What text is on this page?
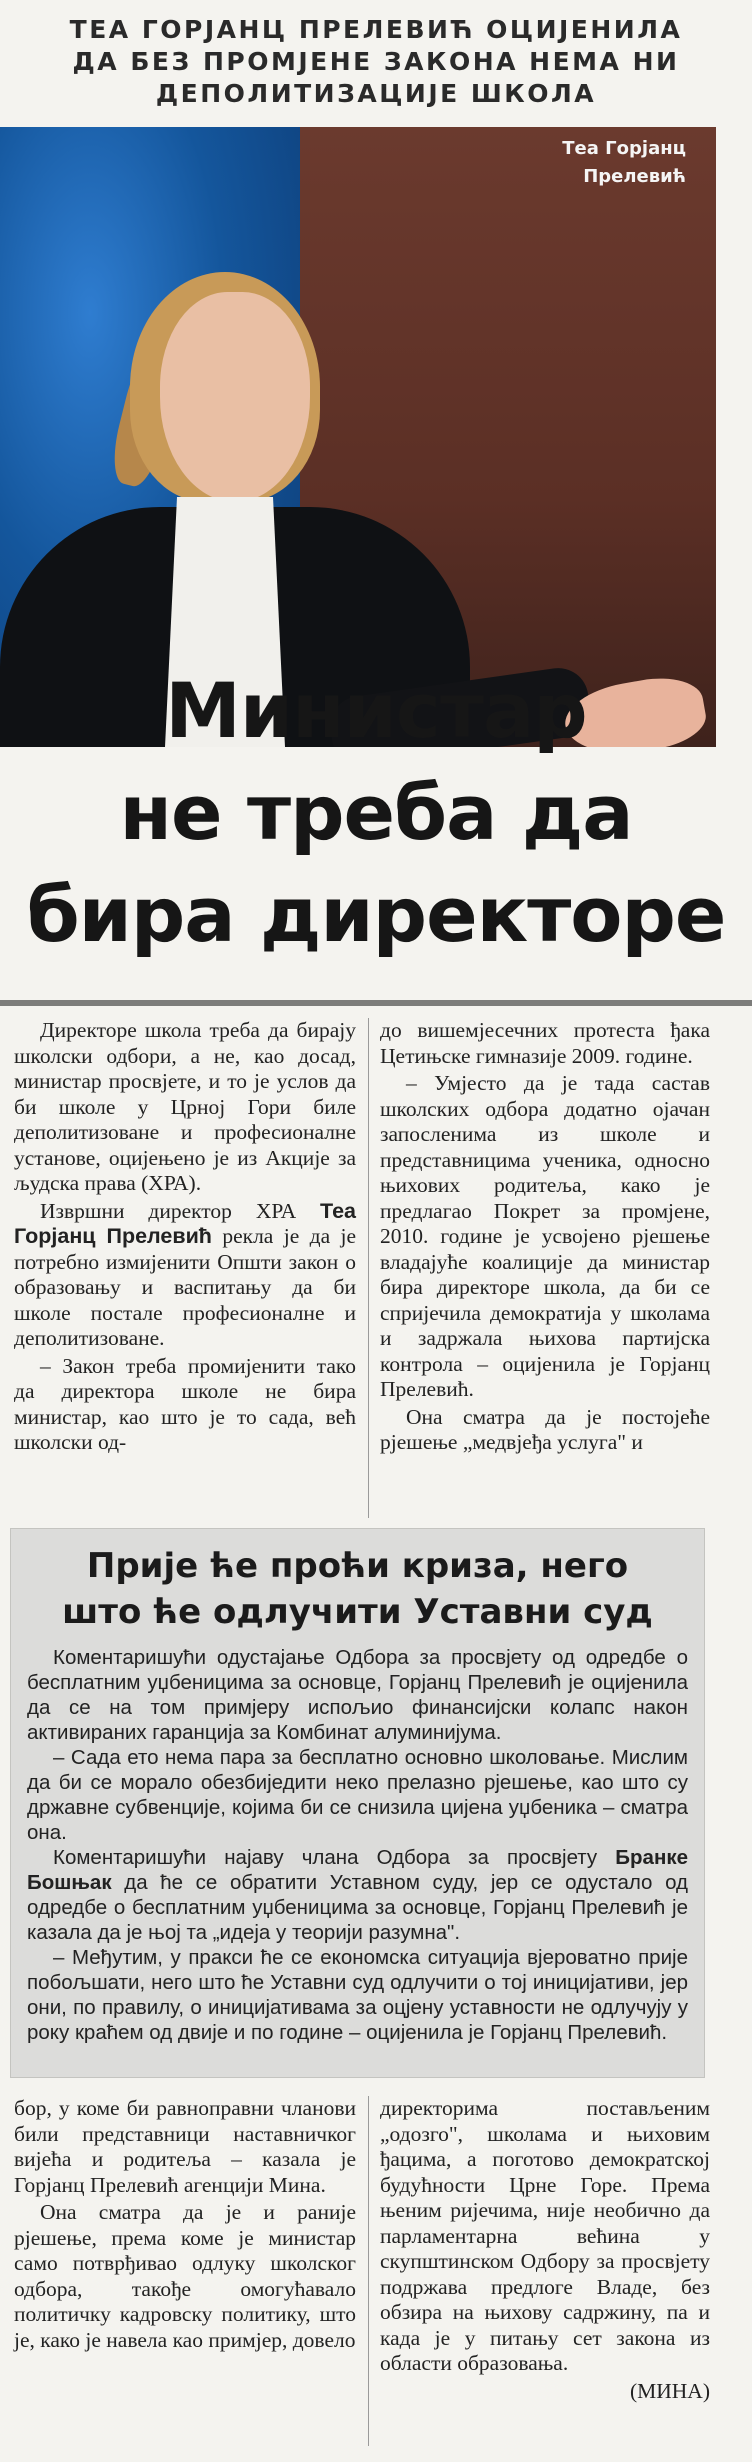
ТЕА ГОРЈАНЦ ПРЕЛЕВИЋ ОЦИЈЕНИЛА
ДА БЕЗ ПРОМЈЕНЕ ЗАКОНА НЕМА НИ
ДЕПОЛИТИЗАЦИЈЕ ШКОЛА
Теа Горјанц
Прелевић
Министар
не треба да
бира директоре

Директоре школа треба да бирају школски одбори, а не, као досад, министар просвјете, и то је услов да би школе у Црној Гори биле деполитизоване и професионалне установе, оцијењено је из Акције за људска права (ХРА).

Извршни директор ХРА Теа Горјанц Прелевић рекла је да је потребно измијенити Општи закон о образовању и васпитању да би школе постале професионалне и деполитизоване.

– Закон треба промијенити тако да директора школе не бира министар, као што је то сада, већ школски од-

до вишемјесечних протеста ђака Цетињске гимназије 2009. године.

– Умјесто да је тада састав школских одбора додатно ојачан запосленима из школе и представницима ученика, односно њихових родитеља, како је предлагао Покрет за промјене, 2010. године је усвојено рјешење владајуће коалиције да министар бира директоре школа, да би се спријечила демократија у школама и задржала њихова партијска контрола – оцијенила је Горјанц Прелевић.

Она сматра да је постојеће рјешење „медвјеђа услуга" и

Прије ће проћи криза, него
што ће одлучити Уставни суд

Коментаришући одустајање Одбора за просвјету од одредбе о бесплатним уџбеницима за основце, Горјанц Прелевић је оцијенила да се на том примјеру испољио финансијски колапс након активираних гаранција за Комбинат алуминијума.

– Сада ето нема пара за бесплатно основно школовање. Мислим да би се морало обезбиједити неко прелазно рјешење, као што су државне субвенције, којима би се снизила цијена уџбеника – сматра она.

Коментаришући најаву члана Одбора за просвјету Бранке Бошњак да ће се обратити Уставном суду, јер се одустало од одредбе о бесплатним уџбеницима за основце, Горјанц Прелевић је казала да је њој та „идеја у теорији разумна".

– Међутим, у пракси ће се економска ситуација вјероватно прије побољшати, него што ће Уставни суд одлучити о тој иницијативи, јер они, по правилу, о иницијативама за оцјену уставности не одлучују у року краћем од двије и по године – оцијенила је Горјанц Прелевић.

бор, у коме би равноправни чланови били представници наставничког вијећа и родитеља – казала је Горјанц Прелевић агенцији Мина.

Она сматра да је и раније рјешење, према коме је министар само потврђивао одлуку школског одбора, такође омогућавало политичку кадровску политику, што је, како је навела као примјер, довело

директорима постављеним „одозго", школама и њиховим ђацима, а поготово демократској будућности Црне Горе. Према њеним ријечима, није необично да парламентарна већина у скупштинском Одбору за просвјету подржава предлоге Владе, без обзира на њихову садржину, па и када је у питању сет закона из области образовања.

(МИНА)
